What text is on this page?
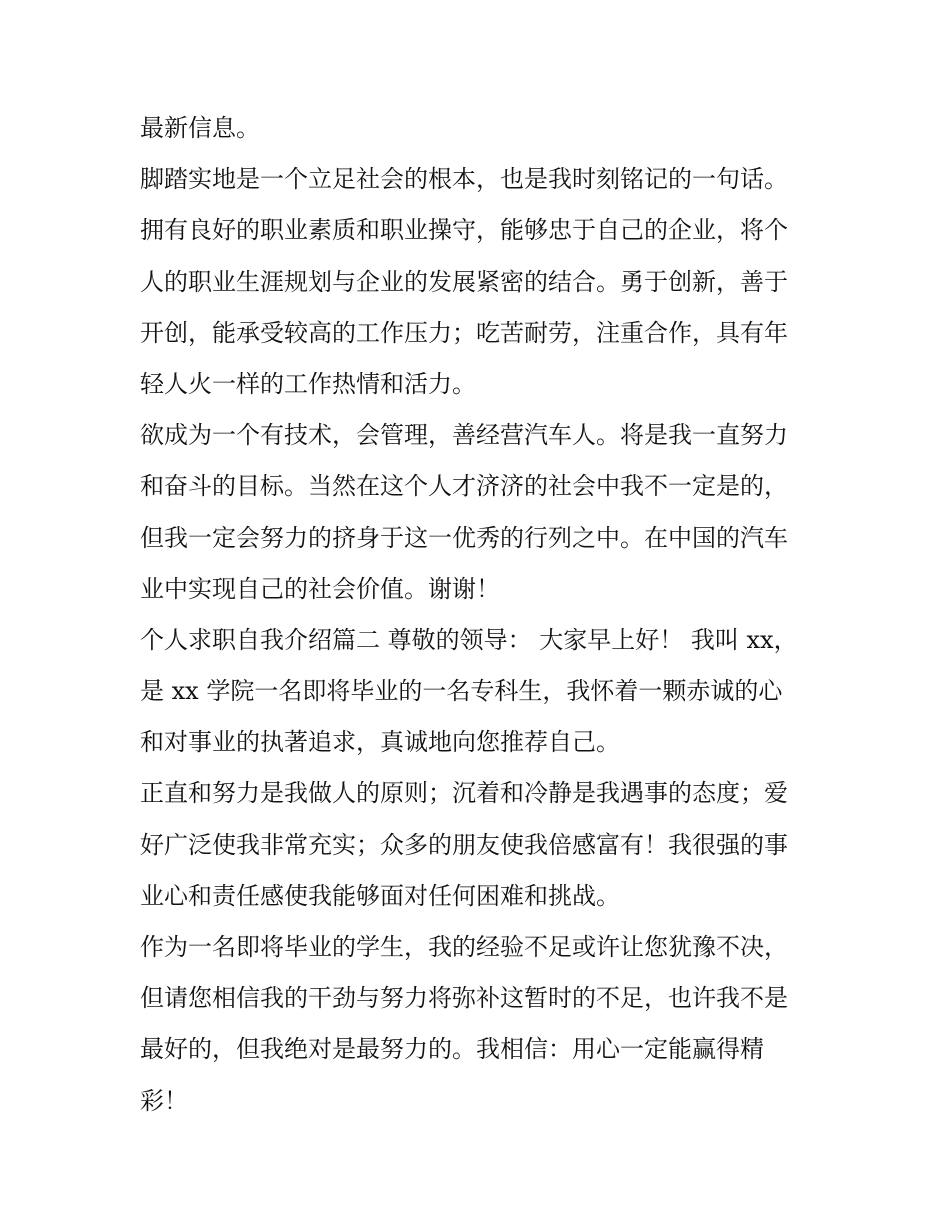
最新信息。
脚踏实地是一个立足社会的根本，也是我时刻铭记的一句话。
拥有良好的职业素质和职业操守，能够忠于自己的企业，将个
人的职业生涯规划与企业的发展紧密的结合。勇于创新，善于
开创，能承受较高的工作压力；吃苦耐劳，注重合作，具有年
轻人火一样的工作热情和活力。
欲成为一个有技术，会管理，善经营汽车人。将是我一直努力
和奋斗的目标。当然在这个人才济济的社会中我不一定是的，
但我一定会努力的挤身于这一优秀的行列之中。在中国的汽车
业中实现自己的社会价值。谢谢！
个人求职自我介绍篇二 尊敬的领导： 大家早上好！ 我叫 xx，
是 xx 学院一名即将毕业的一名专科生，我怀着一颗赤诚的心
和对事业的执著追求，真诚地向您推荐自己。
正直和努力是我做人的原则；沉着和冷静是我遇事的态度；爱
好广泛使我非常充实；众多的朋友使我倍感富有！我很强的事
业心和责任感使我能够面对任何困难和挑战。
作为一名即将毕业的学生，我的经验不足或许让您犹豫不决，
但请您相信我的干劲与努力将弥补这暂时的不足，也许我不是
最好的，但我绝对是最努力的。我相信：用心一定能赢得精
彩！
